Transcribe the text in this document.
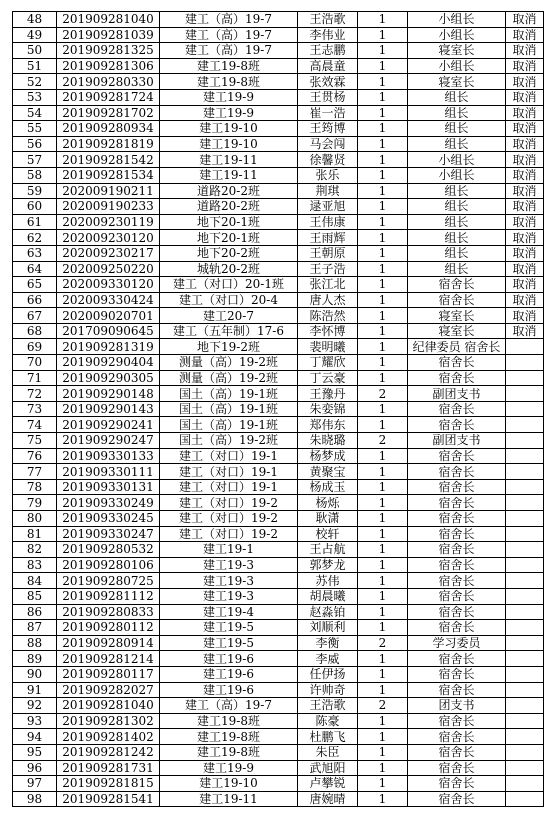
48	201909281040	建工（高）19-7	王浩歌	1	小组长	取消
49	201909281039	建工（高）19-7	李伟业	1	小组长	取消
50	201909281325	建工（高）19-7	王志鹏	1	寝室长	取消
51	201909281306	建工19-8班	高晨童	1	小组长	取消
52	201909280330	建工19-8班	张效霖	1	寝室长	取消
53	201909281724	建工19-9	王贯杨	1	组长	取消
54	201909281702	建工19-9	崔一浩	1	组长	取消
55	201909280934	建工19-10	王筠博	1	组长	取消
56	201909281819	建工19-10	马会闯	1	组长	取消
57	201909281542	建工19-11	徐馨贤	1	小组长	取消
58	201909281534	建工19-11	张乐	1	小组长	取消
59	202009190211	道路20-2班	荆琪	1	组长	取消
60	202009190233	道路20-2班	逯亚旭	1	组长	取消
61	202009230119	地下20-1班	王伟康	1	组长	取消
62	202009230120	地下20-1班	王雨辉	1	组长	取消
63	202009230217	地下20-2班	王朝原	1	组长	取消
64	202009250220	城轨20-2班	王子浩	1	组长	取消
65	202009330120	建工（对口）20-1班	张江北	1	宿舍长	取消
66	202009330424	建工（对口）20-4	唐人杰	1	宿舍长	取消
67	202009020701	建工20-7	陈浩然	1	寝室长	取消
68	201709090645	建工（五年制）17-6	李怀博	1	寝室长	取消
69	201909281319	地下19-2班	裴明曦	1	纪律委员 宿舍长	
70	201909290404	测量（高）19-2班	丁耀欣	1	宿舍长	
71	201909290305	测量（高）19-2班	丁云豪	1	宿舍长	
72	201909290148	国土（高）19-1班	王豫丹	2	副团支书	
73	201909290143	国土（高）19-1班	朱娈锦	1	宿舍长	
74	201909290241	国土（高）19-1班	郑伟东	1	宿舍长	
75	201909290247	国土（高）19-2班	朱晓璐	2	副团支书	
76	201909330133	建工（对口）19-1	杨梦成	1	宿舍长	
77	201909330111	建工（对口）19-1	黄聚宝	1	宿舍长	
78	201909330131	建工（对口）19-1	杨成玉	1	宿舍长	
79	201909330249	建工（对口）19-2	杨烁	1	宿舍长	
80	201909330245	建工（对口）19-2	耿潇	1	宿舍长	
81	201909330247	建工（对口）19-2	校轩	1	宿舍长	
82	201909280532	建工19-1	王占航	1	宿舍长	
83	201909280106	建工19-3	郭梦龙	1	宿舍长	
84	201909280725	建工19-3	苏伟	1	宿舍长	
85	201909281112	建工19-3	胡晨曦	1	宿舍长	
86	201909280833	建工19-4	赵淼铂	1	宿舍长	
87	201909280112	建工19-5	刘顺利	1	宿舍长	
88	201909280914	建工19-5	李衡	2	学习委员	
89	201909281214	建工19-6	李威	1	宿舍长	
90	201909280117	建工19-6	任伊扬	1	宿舍长	
91	201909282027	建工19-6	许帅奇	1	宿舍长	
92	201909281040	建工（高）19-7	王浩歌	2	团支书	
93	201909281302	建工19-8班	陈豪	1	宿舍长	
94	201909281402	建工19-8班	杜鹏飞	1	宿舍长	
95	201909281242	建工19-8班	朱臣	1	宿舍长	
96	201909281731	建工19-9	武旭阳	1	宿舍长	
97	201909281815	建工19-10	卢攀锐	1	宿舍长	
98	201909281541	建工19-11	唐婉晴	1	宿舍长	
